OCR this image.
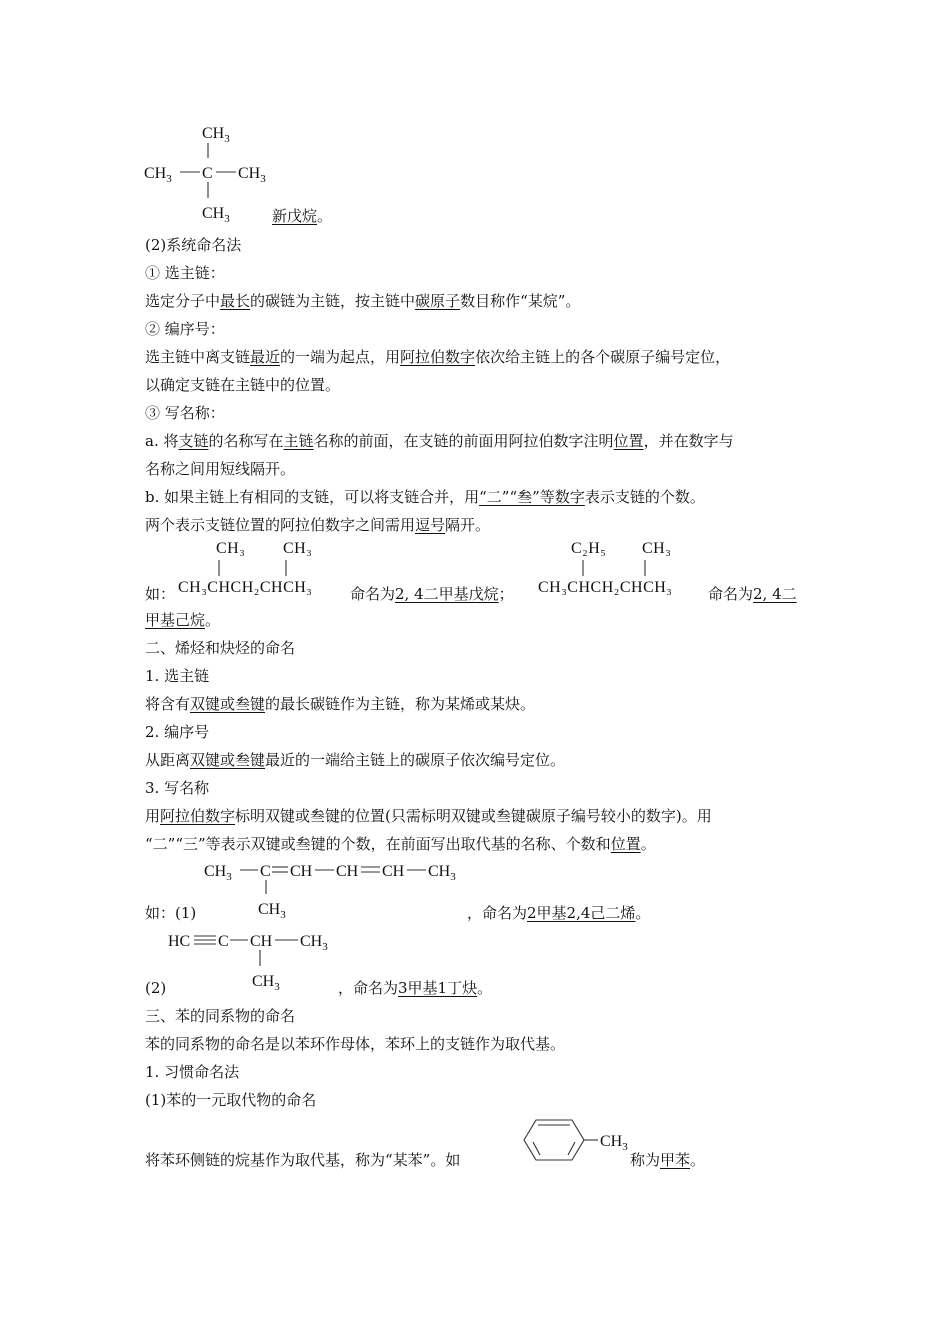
$CH_3$
$CH_3$ C $CH_3$
$CH_3$	新戊烷。
(2)系统命名法
① 选主链：
选定分子中最长的碳链为主链，按主链中碳原子数目称作“某烷”。
② 编序号：
选主链中离支链最近的一端为起点，用阿拉伯数字依次给主链上的各个碳原子编号定位，
以确定支链在主链中的位置。
③ 写名称：
a. 将支链的名称写在主链名称的前面，在支链的前面用阿拉伯数字注明位置，并在数字与
名称之间用短线隔开。
b. 如果主链上有相同的支链，可以将支链合并，用“二”“叁”等数字表示支链的个数。
两个表示支链位置的阿拉伯数字之间需用逗号隔开。
CH₃ CH₃
如： CH₃CHCH₂CHCH₃	命名为2, 4二甲基戊烷；
C₂H₅ CH₃
CH₃CHCH₂CHCH₃ 命名为2, 4二
甲基己烷。
二、烯烃和炔烃的命名
1. 选主链
将含有双键或叁键的最长碳链作为主链，称为某烯或某炔。
2. 编序号
从距离双键或叁键最近的一端给主链上的碳原子依次编号定位。
3. 写名称
用阿拉伯数字标明双键或叁键的位置(只需标明双键或叁键碳原子编号较小的数字)。用
“二”“三”等表示双键或叁键的个数，在前面写出取代基的名称、个数和位置。
$CH_3$ C CH CH CH $CH_3$
$CH_3$
如：(1)	，命名为2甲基2,4己二烯。
HC C CH $CH_3$
$CH_3$
(2)	，命名为3甲基1丁炔。
三、苯的同系物的命名
苯的同系物的命名是以苯环作母体，苯环上的支链作为取代基。
1. 习惯命名法
(1)苯的一元取代物的命名
将苯环侧链的烷基作为取代基，称为“某苯”。如
$CH_3$
称为甲苯。
